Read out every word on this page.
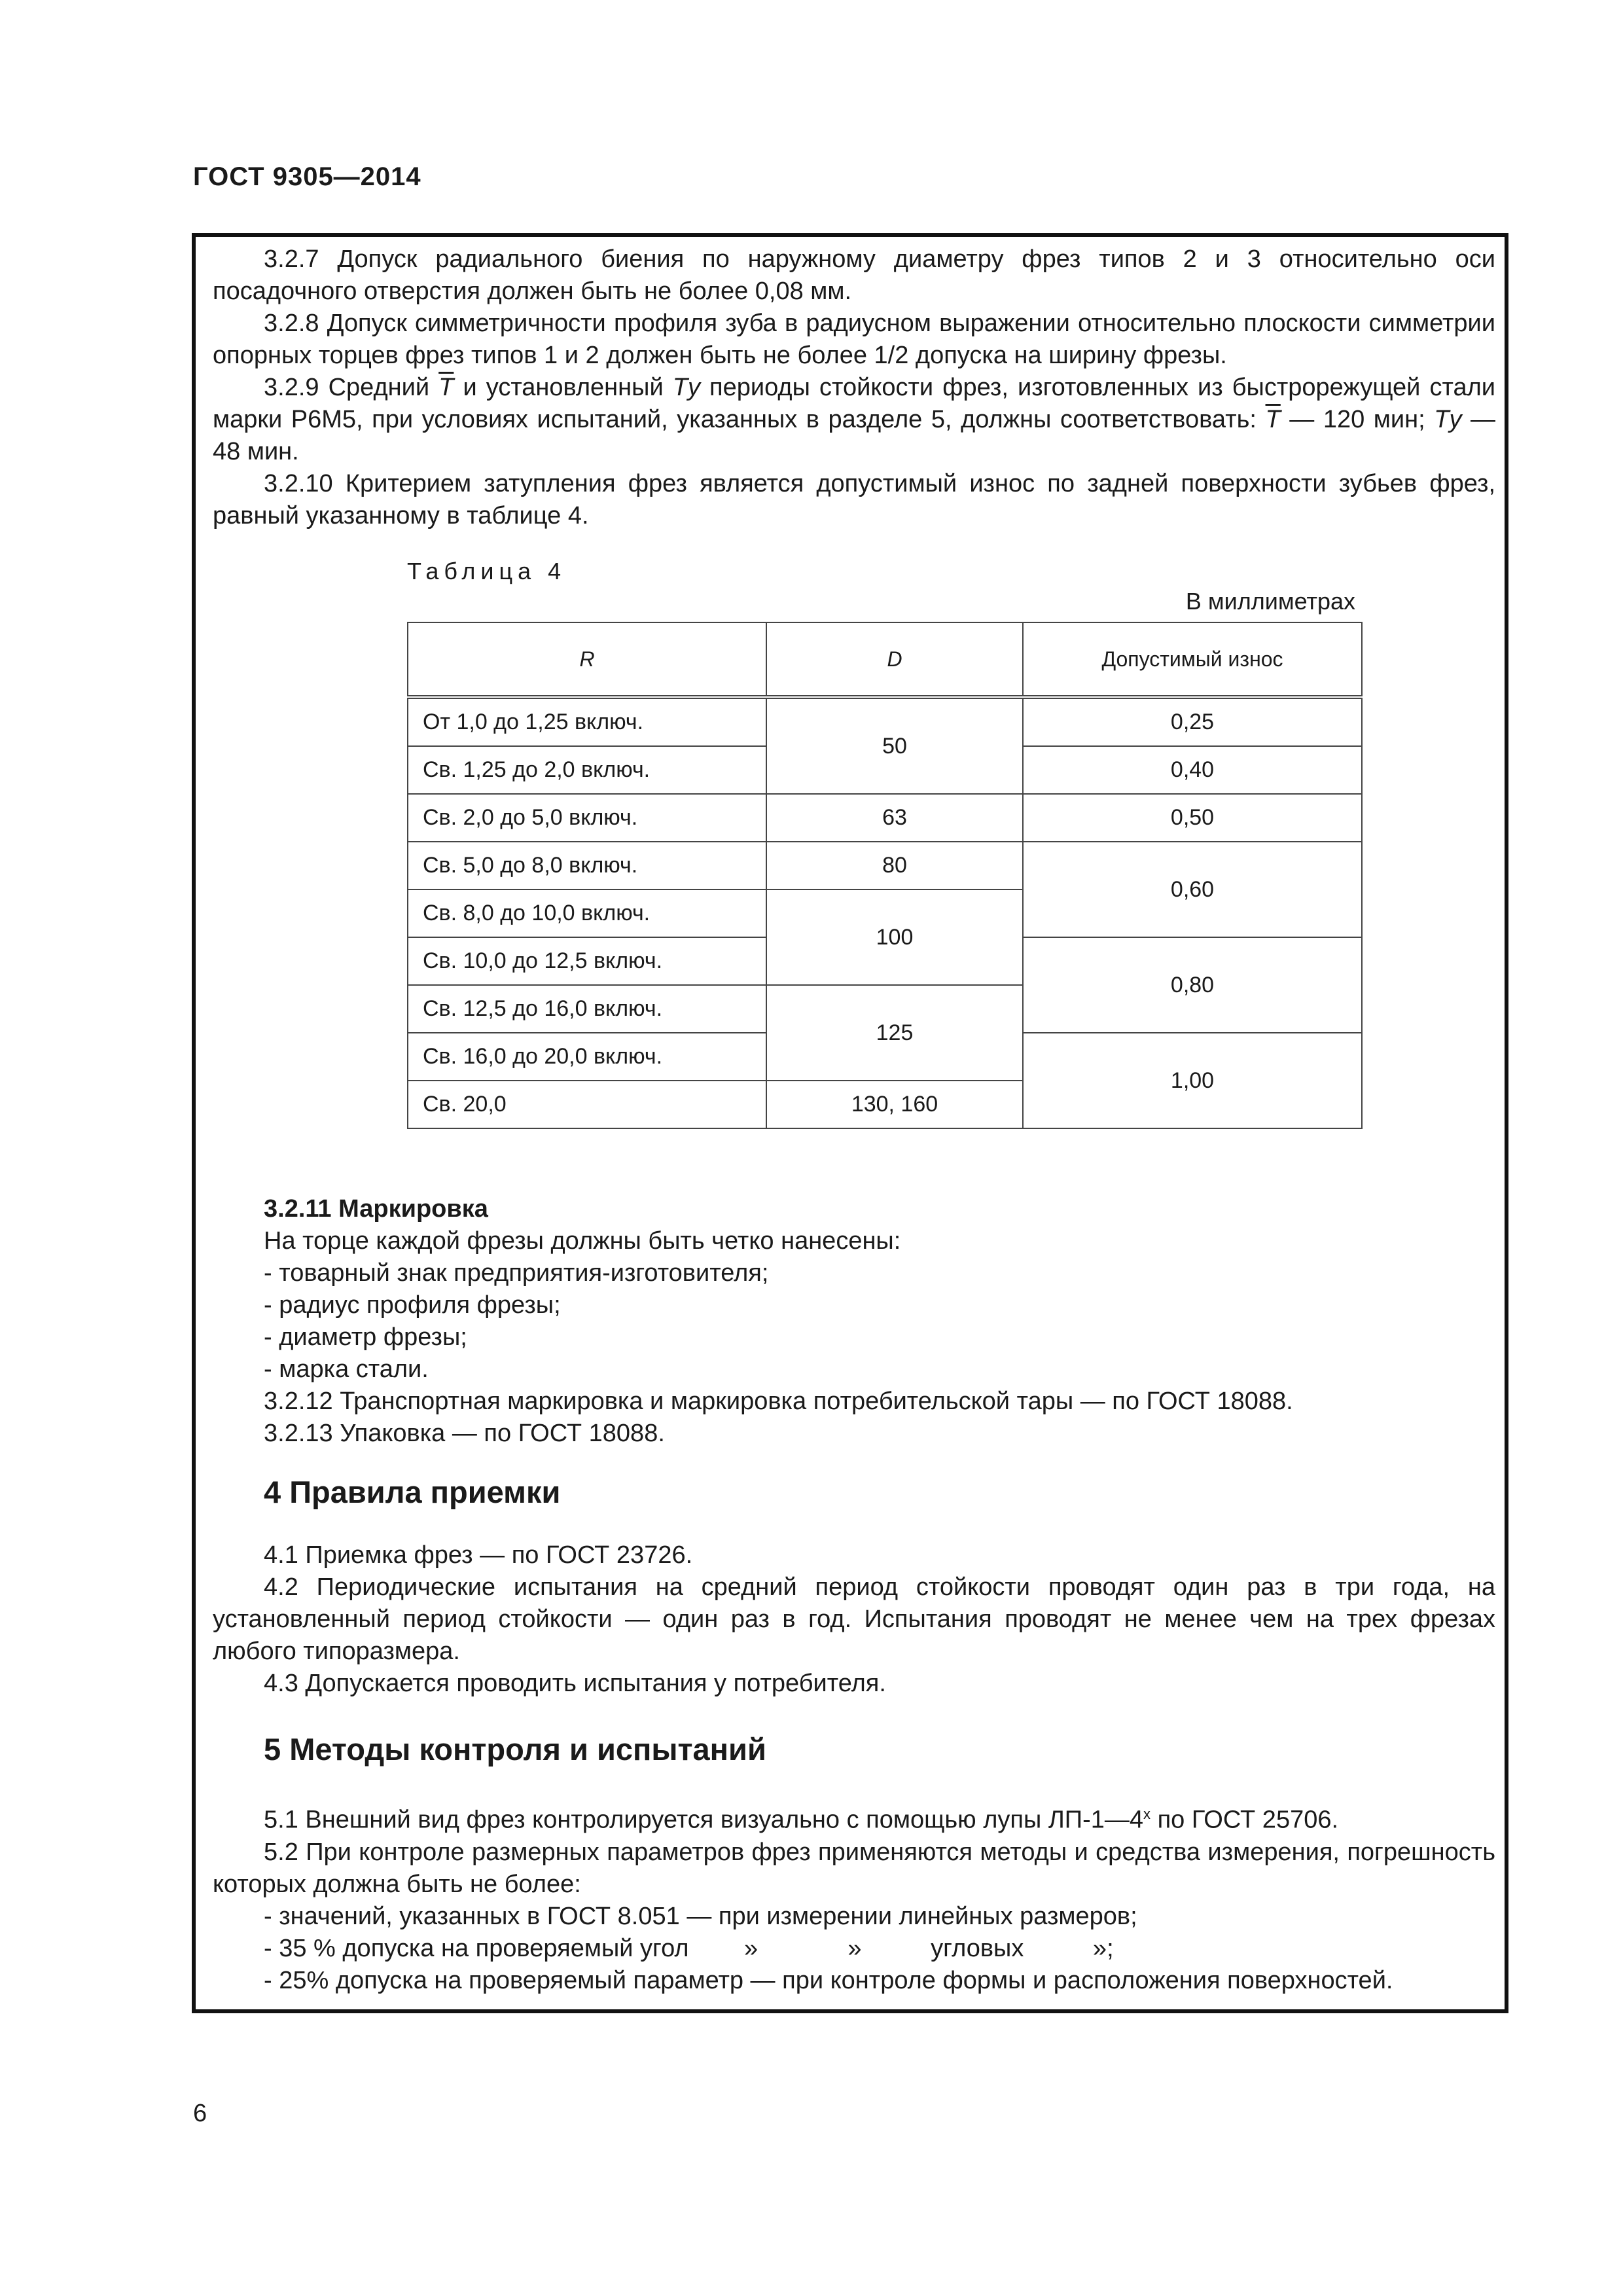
ГОСТ 9305—2014

3.2.7 Допуск радиального биения по наружному диаметру фрез типов 2 и 3 относительно оси посадочного отверстия должен быть не более 0,08 мм.

3.2.8 Допуск симметричности профиля зуба в радиусном выражении относительно плоскости симметрии опорных торцев фрез типов 1 и 2 должен быть не более 1/2 допуска на ширину фрезы.

3.2.9 Средний $\overline{T}$ и установленный Tу периоды стойкости фрез, изготовленных из быстрорежущей стали марки Р6М5, при условиях испытаний, указанных в разделе 5, должны соответствовать: $\overline{T}$ — 120 мин; Tу — 48 мин.

3.2.10 Критерием затупления фрез является допустимый износ по задней поверхности зубьев фрез, равный указанному в таблице 4.

Таблица 4
В миллиметрах
R	D	Допустимый износ
От 1,0 до 1,25 включ.	50	0,25
Св. 1,25 до 2,0 включ.		0,40
Св. 2,0 до 5,0 включ.	63	0,50
Св. 5,0 до 8,0 включ.	80	0,60
Св. 8,0 до 10,0 включ.	100	
Св. 10,0 до 12,5 включ.		0,80
Св. 12,5 до 16,0 включ.	125	
Св. 16,0 до 20,0 включ.		1,00
Св. 20,0	130, 160	

3.2.11 Маркировка

На торце каждой фрезы должны быть четко нанесены:

- товарный знак предприятия-изготовителя;

- радиус профиля фрезы;

- диаметр фрезы;

- марка стали.

3.2.12 Транспортная маркировка и маркировка потребительской тары — по ГОСТ 18088.

3.2.13 Упаковка — по ГОСТ 18088.

4 Правила приемки

4.1 Приемка фрез — по ГОСТ 23726.

4.2 Периодические испытания на средний период стойкости проводят один раз в три года, на установленный период стойкости — один раз в год. Испытания проводят не менее чем на трех фрезах любого типоразмера.

4.3 Допускается проводить испытания у потребителя.

5 Методы контроля и испытаний

5.1 Внешний вид фрез контролируется визуально с помощью лупы $ЛП-1—4^х$ по ГОСТ 25706.

5.2 При контроле размерных параметров фрез применяются методы и средства измерения, погрешность которых должна быть не более:

- значений, указанных в ГОСТ 8.051 — при измерении линейных размеров;

- 35 % допуска на проверяемый угол        »             »          угловых          »;

- 25% допуска на проверяемый параметр — при контроле формы и расположения поверхностей.

6
